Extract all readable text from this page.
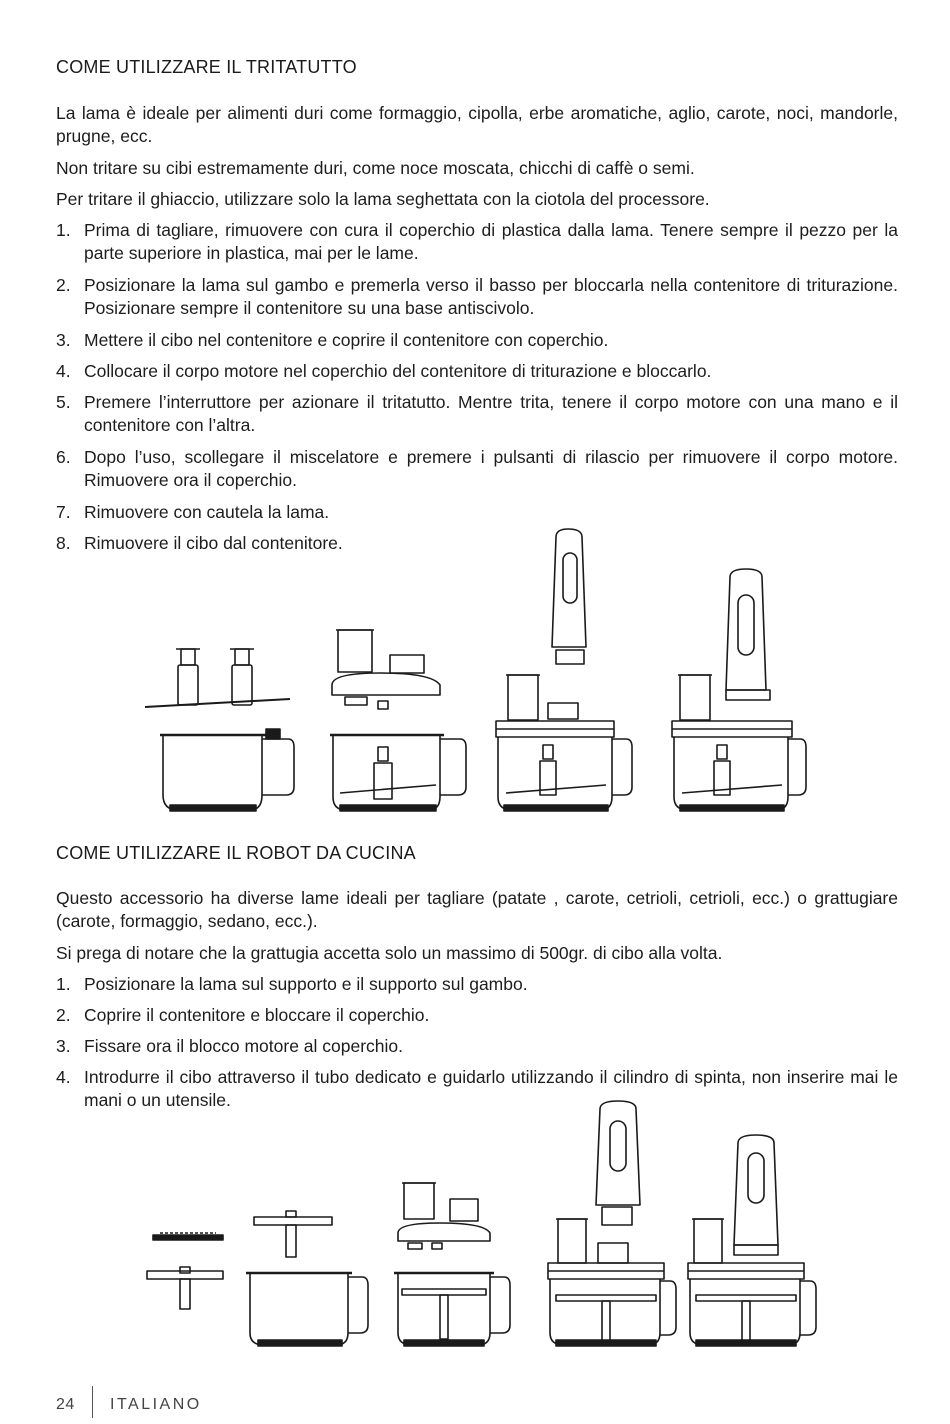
COME UTILIZZARE IL TRITATUTTO
La lama è ideale per alimenti duri come formaggio, cipolla, erbe aromatiche, aglio, carote, noci, mandorle, prugne, ecc.
Non tritare su cibi estremamente duri, come noce moscata, chicchi di caffè o semi.
Per tritare il ghiaccio, utilizzare solo la lama seghettata con la ciotola del processore.
1. Prima di tagliare, rimuovere con cura il coperchio di plastica dalla lama. Tenere sempre il pezzo per la parte superiore in plastica, mai per le lame.
2. Posizionare la lama sul gambo e premerla verso il basso per bloccarla nella contenitore di triturazione. Posizionare sempre il contenitore su una base antiscivolo.
3. Mettere il cibo nel contenitore e coprire il contenitore con coperchio.
4. Collocare il corpo motore nel coperchio del contenitore di triturazione e bloccarlo.
5. Premere l’interruttore per azionare il tritatutto. Mentre trita, tenere il corpo motore con una mano e il contenitore con l’altra.
6. Dopo l’uso, scollegare il miscelatore e premere i pulsanti di rilascio per rimuovere il corpo motore. Rimuovere ora il coperchio.
7. Rimuovere con cautela la lama.
8. Rimuovere il cibo dal contenitore.
COME UTILIZZARE IL ROBOT DA CUCINA
Questo accessorio ha diverse lame ideali per tagliare (patate , carote, cetrioli, cetrioli, ecc.) o grattugiare (carote, formaggio, sedano, ecc.).
Si prega di notare che la grattugia accetta solo un massimo di 500gr. di cibo alla volta.
1. Posizionare la lama sul supporto e il supporto sul gambo.
2. Coprire il contenitore e bloccare il coperchio.
3. Fissare ora il blocco motore al coperchio.
4. Introdurre il cibo attraverso il tubo dedicato e guidarlo utilizzando il cilindro di spinta, non inserire mai le mani o un utensile.
24 ITALIANO
